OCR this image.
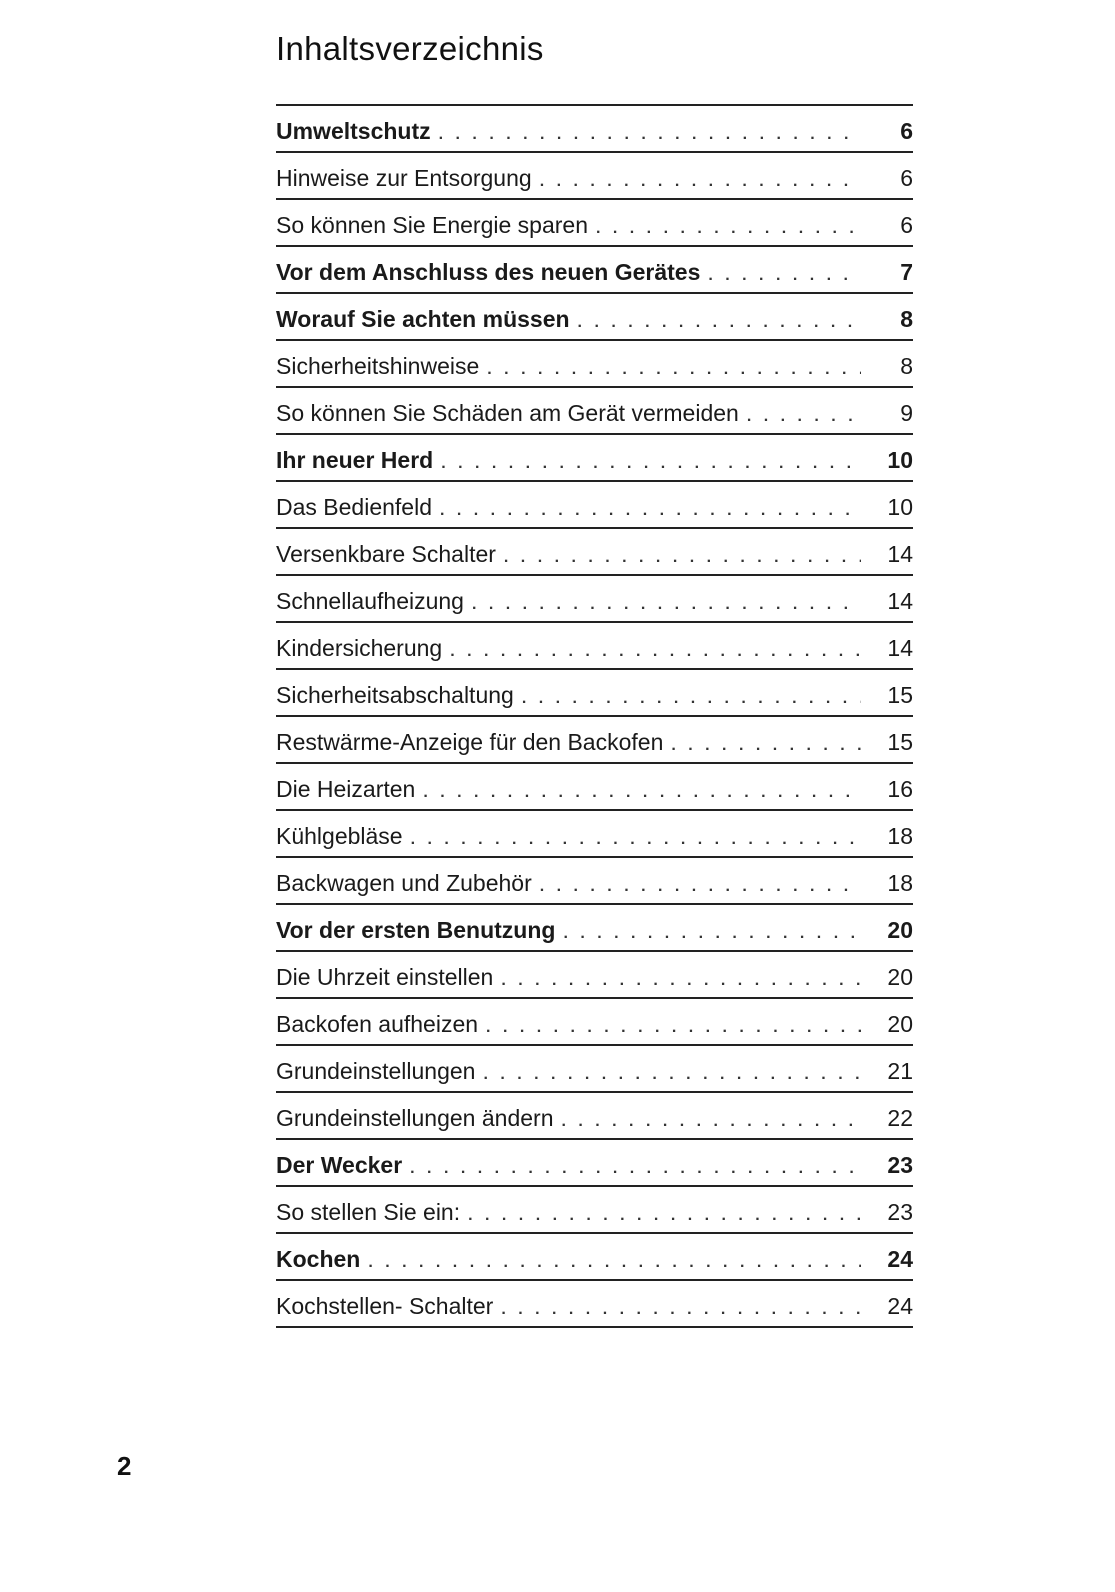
Inhaltsverzeichnis
Umweltschutz . . .	6
Hinweise zur Entsorgung . . .	6
So können Sie Energie sparen . . .	6
Vor dem Anschluss des neuen Gerätes . . .	7
Worauf Sie achten müssen . . .	8
Sicherheitshinweise . . .	8
So können Sie Schäden am Gerät vermeiden . . .	9
Ihr neuer Herd . . .	10
Das Bedienfeld . . .	10
Versenkbare Schalter . . .	14
Schnellaufheizung . . .	14
Kindersicherung . . .	14
Sicherheitsabschaltung . . .	15
Restwärme-Anzeige für den Backofen . . .	15
Die Heizarten . . .	16
Kühlgebläse . . .	18
Backwagen und Zubehör . . .	18
Vor der ersten Benutzung . . .	20
Die Uhrzeit einstellen . . .	20
Backofen aufheizen . . .	20
Grundeinstellungen . . .	21
Grundeinstellungen ändern . . .	22
Der Wecker . . .	23
So stellen Sie ein: . . .	23
Kochen . . .	24
Kochstellen- Schalter . . .	24
2
